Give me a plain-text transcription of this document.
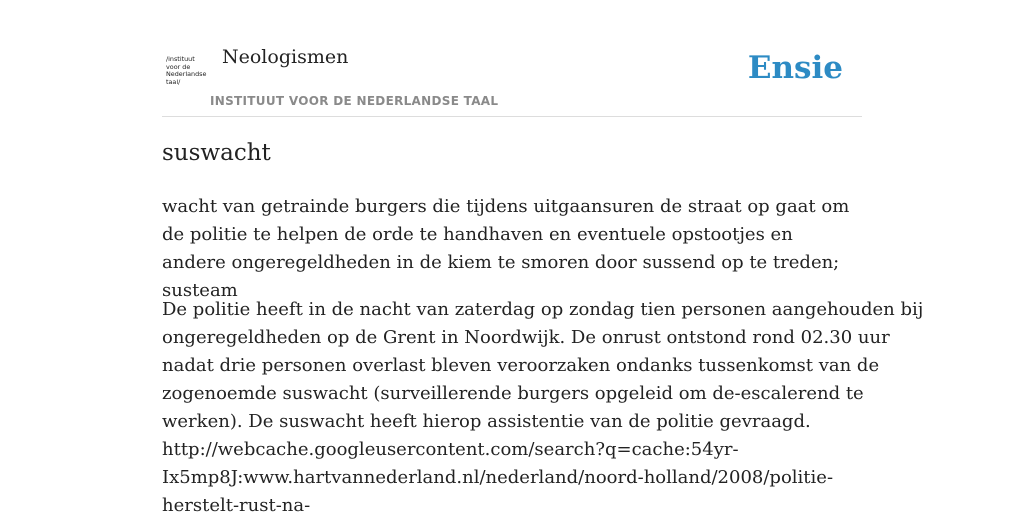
/instituut
voor de
Nederlandse
taal/
Neologismen
INSTITUUT VOOR DE NEDERLANDSE TAAL
Ensie
suswacht

wacht van getrainde burgers die tijdens uitgaansuren de straat op gaat om de politie te helpen de orde te handhaven en eventuele opstootjes en andere ongeregeldheden in de kiem te smoren door sussend op te treden; susteam

De politie heeft in de nacht van zaterdag op zondag tien personen aangehouden bij
ongeregeldheden op de Grent in Noordwijk. De onrust ontstond rond 02.30 uur
nadat drie personen overlast bleven veroorzaken ondanks tussenkomst van de
zogenoemde suswacht (surveillerende burgers opgeleid om de-escalerend te
werken). De suswacht heeft hierop assistentie van de politie gevraagd.
http://webcache.googleusercontent.com/search?q=cache:54yr-
Ix5mp8J:www.hartvannederland.nl/nederland/noord-holland/2008/politie-
herstelt-rust-na-
